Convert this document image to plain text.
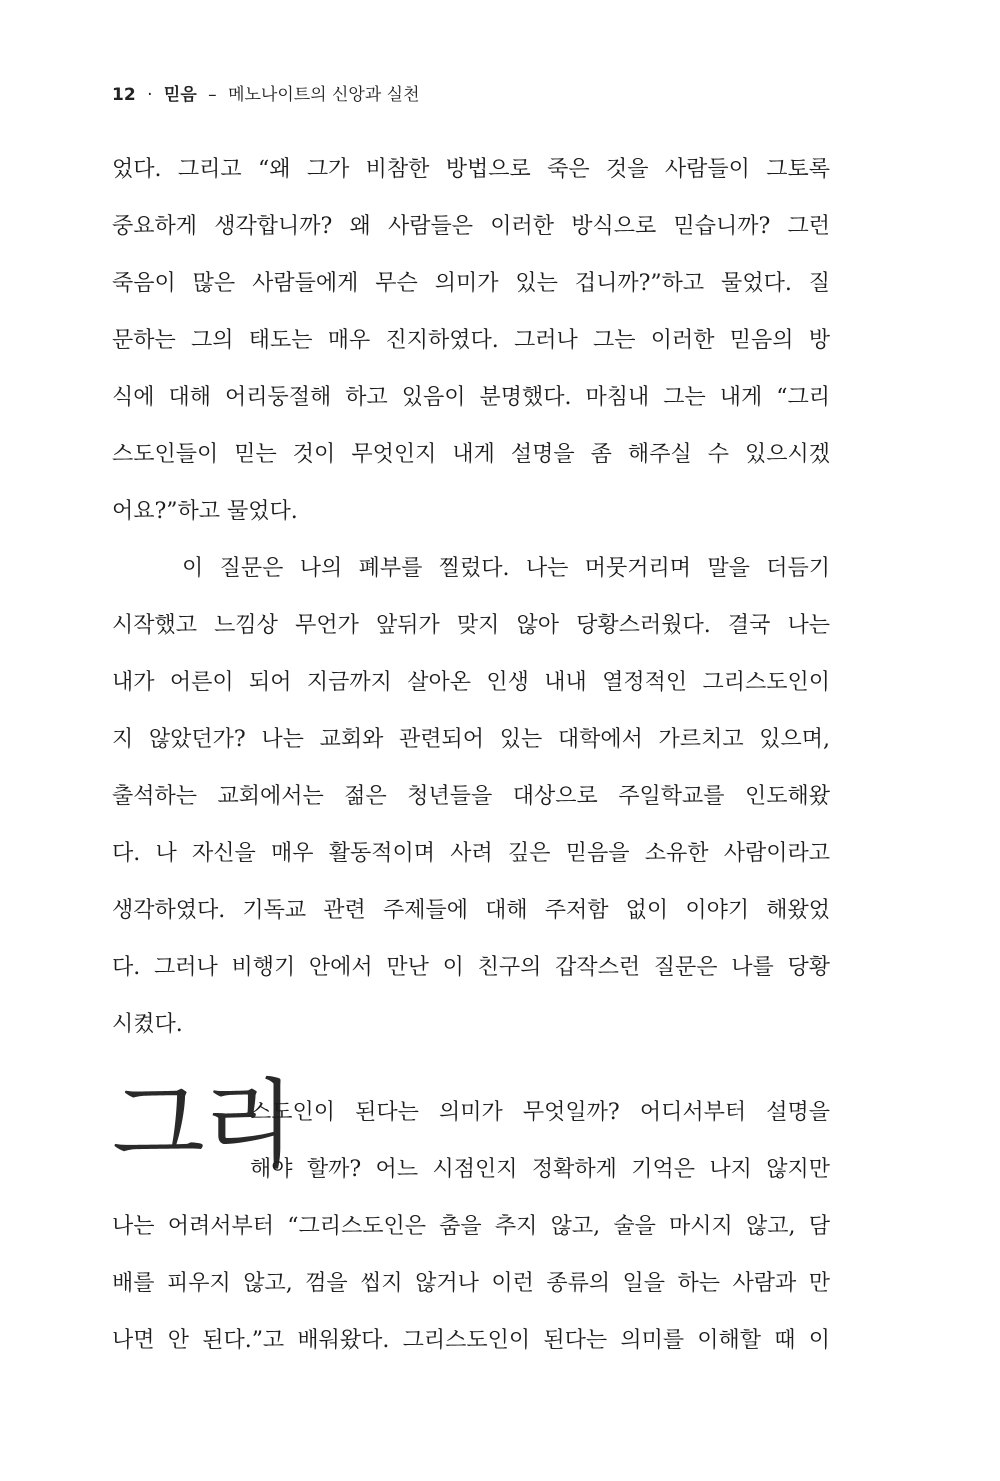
12 · 믿음 – 메노나이트의 신앙과 실천
었다. 그리고 “왜 그가 비참한 방법으로 죽은 것을 사람들이 그토록
중요하게 생각합니까? 왜 사람들은 이러한 방식으로 믿습니까? 그런
죽음이 많은 사람들에게 무슨 의미가 있는 겁니까?”하고 물었다. 질
문하는 그의 태도는 매우 진지하였다. 그러나 그는 이러한 믿음의 방
식에 대해 어리둥절해 하고 있음이 분명했다. 마침내 그는 내게 “그리
스도인들이 믿는 것이 무엇인지 내게 설명을 좀 해주실 수 있으시겠
어요?”하고 물었다.
이 질문은 나의 폐부를 찔렀다. 나는 머뭇거리며 말을 더듬기
시작했고 느낌상 무언가 앞뒤가 맞지 않아 당황스러웠다. 결국 나는
내가 어른이 되어 지금까지 살아온 인생 내내 열정적인 그리스도인이
지 않았던가? 나는 교회와 관련되어 있는 대학에서 가르치고 있으며,
출석하는 교회에서는 젊은 청년들을 대상으로 주일학교를 인도해왔
다. 나 자신을 매우 활동적이며 사려 깊은 믿음을 소유한 사람이라고
생각하였다. 기독교 관련 주제들에 대해 주저함 없이 이야기 해왔었
다. 그러나 비행기 안에서 만난 이 친구의 갑작스런 질문은 나를 당황
시켰다.
그리
스도인이 된다는 의미가 무엇일까? 어디서부터 설명을
해야 할까? 어느 시점인지 정확하게 기억은 나지 않지만
나는 어려서부터 “그리스도인은 춤을 추지 않고, 술을 마시지 않고, 담
배를 피우지 않고, 껌을 씹지 않거나 이런 종류의 일을 하는 사람과 만
나면 안 된다.”고 배워왔다. 그리스도인이 된다는 의미를 이해할 때 이
